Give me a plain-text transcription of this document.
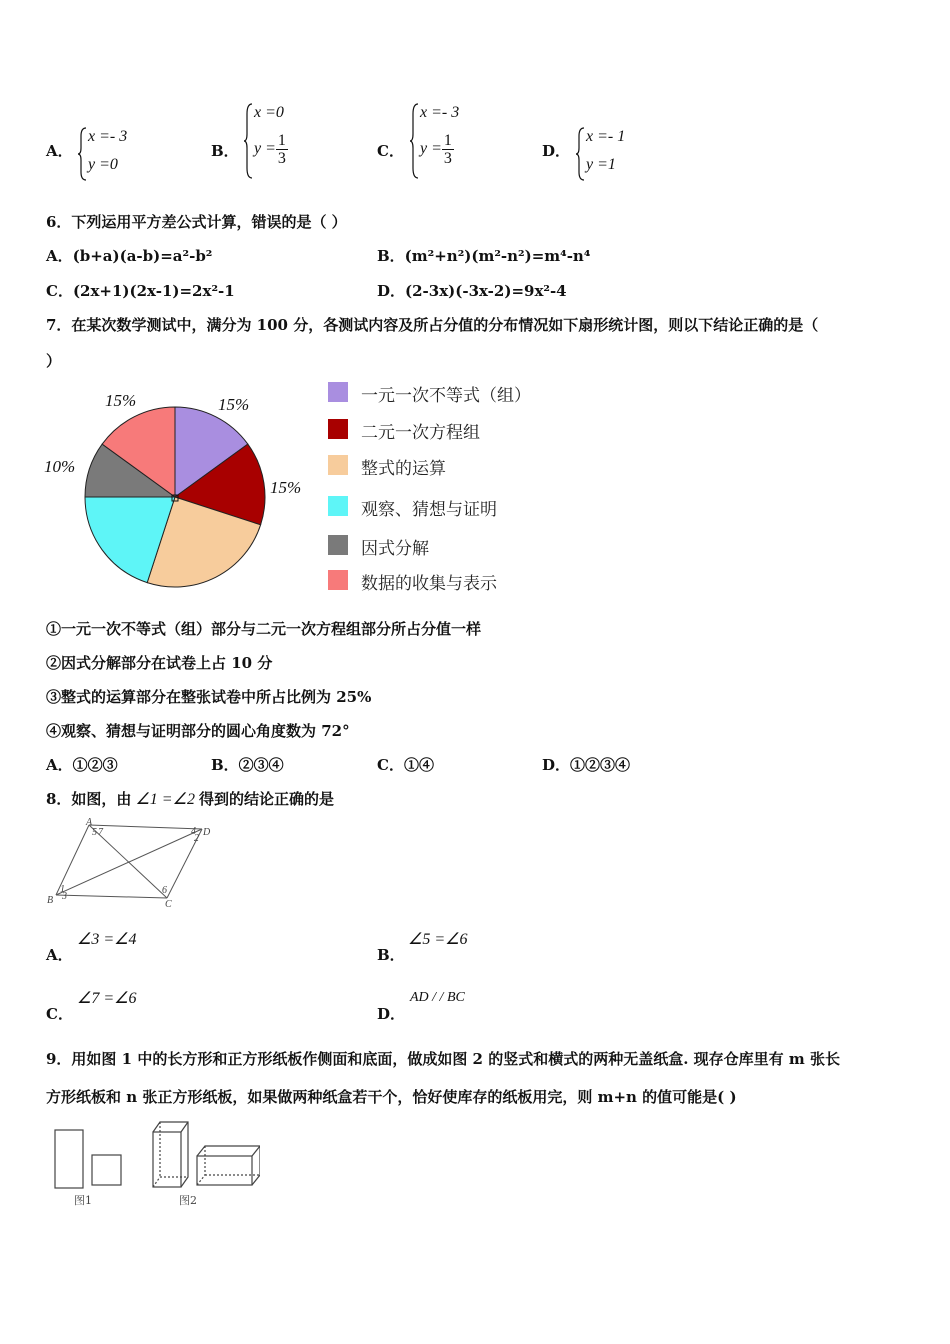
A．
x =- 3
y =0
B．
x =0
$y = \frac{1}{3}$	C．
x =- 3
$y = \frac{1}{3}$	D．
x =- 1
y =1
6．下列运用平方差公式计算，错误的是（ ）
A．(b+a)(a-b)=a²-b²	B．(m²+n²)(m²-n²)=m⁴-n⁴
C．(2x+1)(2x-1)=2x²-1	D．(2-3x)(-3x-2)=9x²-4
7．在某次数学测试中，满分为 100 分，各测试内容及所占分值的分布情况如下扇形统计图，则以下结论正确的是（
）
15%	15%
15%
10%
一元一次不等式（组）
二元一次方程组
整式的运算
观察、猜想与证明
因式分解
数据的收集与表示
①一元一次不等式（组）部分与二元一次方程组部分所占分值一样
②因式分解部分在试卷上占 10 分
③整式的运算部分在整张试卷中所占比例为 25%
④观察、猜想与证明部分的圆心角度数为 72°
A．①②③	B．②③④	C．①④	D．①②③④
8．如图，由 ∠1 =∠2 得到的结论正确的是
A
B	C
D
5 7	4
2
1
3
6
A．
∠3 =∠4
B．
∠5 =∠6
C．
∠7 =∠6
D．
AD / / BC
9．用如图 1 中的长方形和正方形纸板作侧面和底面，做成如图 2 的竖式和横式的两种无盖纸盒. 现存仓库里有 m 张长
方形纸板和 n 张正方形纸板，如果做两种纸盒若干个，恰好使库存的纸板用完，则 m+n 的值可能是( )
图1	图2
